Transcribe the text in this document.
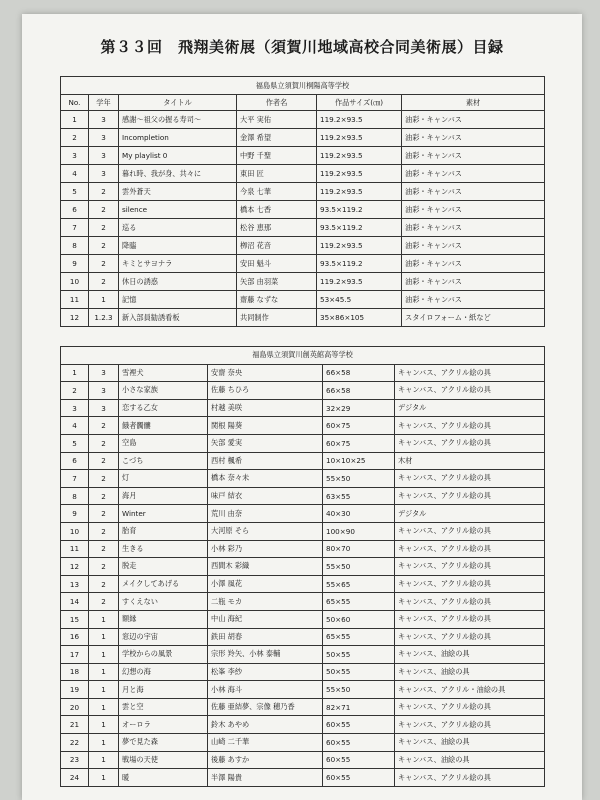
第３３回　飛翔美術展（須賀川地域高校合同美術展）目録
福島県立須賀川桐陽高等学校					
No.	学年	タイトル	作者名	作品サイズ(㎝)	素材
1	3	感謝〜祖父の握る寿司〜	大平 実佑	119.2×93.5	油彩・キャンバス
2	3	Incompletion	金澤 希望	119.2×93.5	油彩・キャンバス
3	3	My playlist 0	中野 千聖	119.2×93.5	油彩・キャンバス
4	3	暮れ時、我が身、共々に	東田 匠	119.2×93.5	油彩・キャンバス
5	2	雲外蒼天	今泉 七華	119.2×93.5	油彩・キャンバス
6	2	silence	橋本 七香	93.5×119.2	油彩・キャンバス
7	2	巡る	松谷 恵那	93.5×119.2	油彩・キャンバス
8	2	降臨	栁沼 花音	119.2×93.5	油彩・キャンバス
9	2	キミとサヨナラ	安田 魁斗	93.5×119.2	油彩・キャンバス
10	2	休日の誘惑	矢部 由羽菜	119.2×93.5	油彩・キャンバス
11	1	記憶	齋藤 なずな	53×45.5	油彩・キャンバス
12	1.2.3	新入部員勧誘看板	共同制作	35×86×105	スタイロフォーム・紙など
福島県立須賀川創英館高等学校					
1	3	雪裡犬	安齋 奈央	66×58	キャンバス、アクリル絵の具
2	3	小さな家族	佐藤 ちひろ	66×58	キャンバス、アクリル絵の具
3	3	恋する乙女	村越 美咲	32×29	デジタル
4	2	餓者髑髏	関根 陽葵	60×75	キャンバス、アクリル絵の具
5	2	空島	矢部 愛実	60×75	キャンバス、アクリル絵の具
6	2	こづち	西村 楓希	10×10×25	木材
7	2	灯	橋本 奈々未	55×50	キャンバス、アクリル絵の具
8	2	海月	味戸 結衣	63×55	キャンバス、アクリル絵の具
9	2	Winter	荒川 由奈	40×30	デジタル
10	2	胎育	大河原 そら	100×90	キャンバス、アクリル絵の具
11	2	生きる	小林 彩乃	80×70	キャンバス、アクリル絵の具
12	2	脱走	西間木 彩織	55×50	キャンバス、アクリル絵の具
13	2	メイクしてあげる	小澤 風花	55×65	キャンバス、アクリル絵の具
14	2	すくえない	二瓶 モカ	65×55	キャンバス、アクリル絵の具
15	1	額縁	中山 海紀	50×60	キャンバス、アクリル絵の具
16	1	窓辺の宇宙	鉄田 胡春	65×55	キャンバス、アクリル絵の具
17	1	学校からの風景	宗形 羚矢、小林 泰輔	50×55	キャンバス、油絵の具
18	1	幻想の海	松峯 李紗	50×55	キャンバス、油絵の具
19	1	月と海	小林 海斗	55×50	キャンバス、アクリル・油絵の具
20	1	雲と空	佐藤 亜結夢、宗像 穂乃香	82×71	キャンバス、アクリル絵の具
21	1	オーロラ	鈴木 あやめ	60×55	キャンバス、アクリル絵の具
22	1	夢で見た森	山崎 二千華	60×55	キャンバス、油絵の具
23	1	戦場の天使	後藤 あすか	60×55	キャンバス、油絵の具
24	1	暖	半澤 陽貴	60×55	キャンバス、アクリル絵の具
